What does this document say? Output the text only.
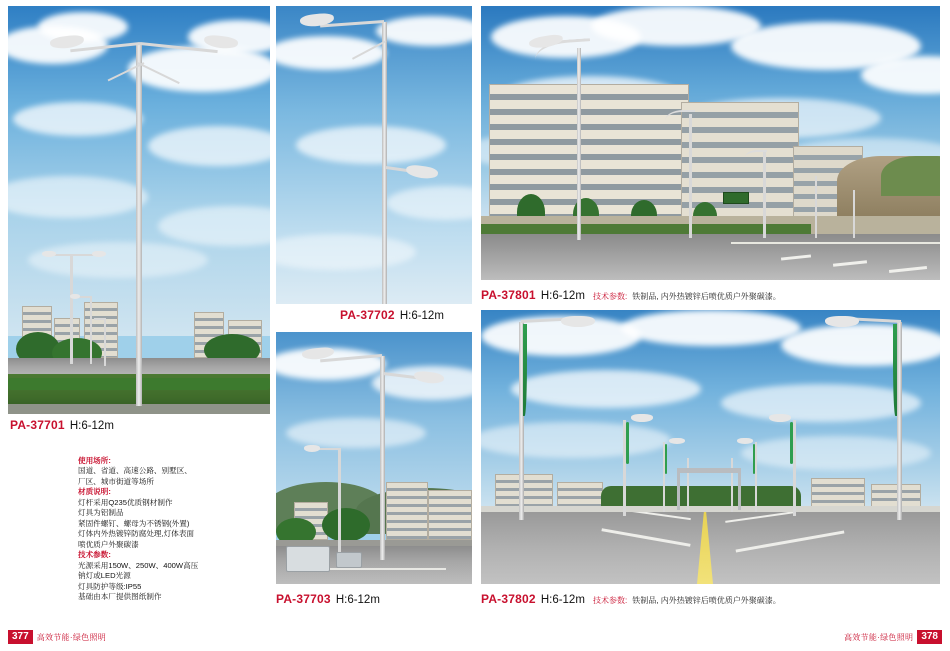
PA-37701 H:6-12m
使用场所:
国道、省道、高速公路、别墅区、
厂区、城市街道等场所
材质说明:
灯杆采用Q235优质钢材制作
灯具为铝制品
紧固件螺钉、螺母为不锈钢(外置)
灯体内外热镀锌防腐处理,灯体表面
喷优质户外聚碳漆
技术参数:
光源采用150W、250W、400W高压
钠灯或LED光源
灯具防护等级:IP55
基础由本厂提供图纸制作
PA-37702 H:6-12m
PA-37703 H:6-12m
PA-37801 H:6-12m 技术参数: 铁制品, 内外热镀锌后喷优质户外聚碳漆。
PA-37802 H:6-12m 技术参数: 铁制品, 内外热镀锌后喷优质户外聚碳漆。
377	高效节能·绿色照明	高效节能·绿色照明 378
